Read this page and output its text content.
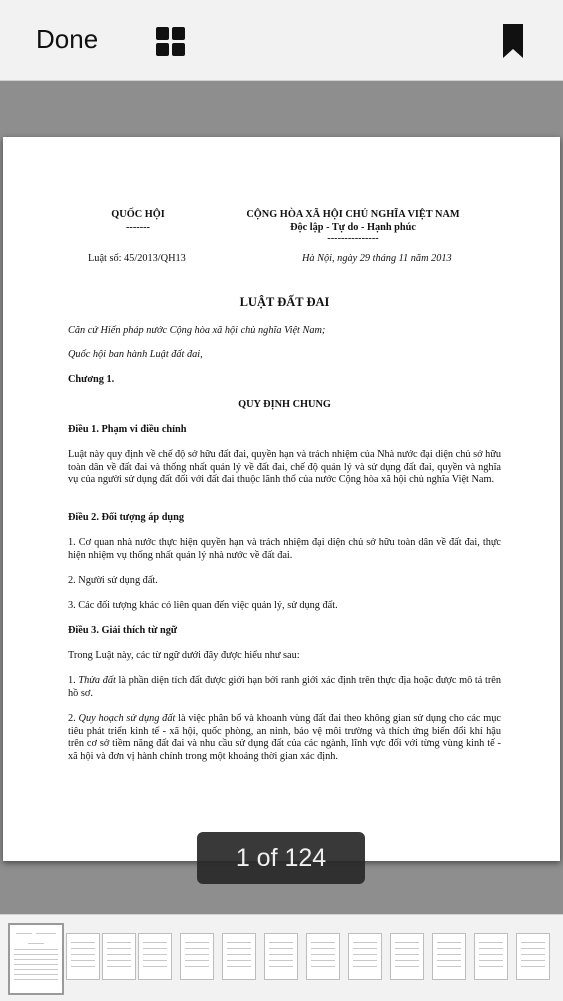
Done
QUỐC HỘI
-------
CỘNG HÒA XÃ HỘI CHỦ NGHĨA VIỆT NAM
Độc lập - Tự do - Hạnh phúc
---------------
Luật số: 45/2013/QH13	Hà Nội, ngày 29 tháng 11 năm 2013
LUẬT ĐẤT ĐAI
Căn cứ Hiến pháp nước Cộng hòa xã hội chủ nghĩa Việt Nam;
Quốc hội ban hành Luật đất đai,
Chương 1.
QUY ĐỊNH CHUNG
Điều 1. Phạm vi điều chỉnh
Luật này quy định về chế độ sở hữu đất đai, quyền hạn và trách nhiệm của Nhà nước đại diện chủ sở hữu toàn dân về đất đai và thống nhất quản lý về đất đai, chế độ quản lý và sử dụng đất đai, quyền và nghĩa vụ của người sử dụng đất đối với đất đai thuộc lãnh thổ của nước Cộng hòa xã hội chủ nghĩa Việt Nam.
Điều 2. Đối tượng áp dụng
1. Cơ quan nhà nước thực hiện quyền hạn và trách nhiệm đại diện chủ sở hữu toàn dân về đất đai, thực hiện nhiệm vụ thống nhất quản lý nhà nước về đất đai.
2. Người sử dụng đất.
3. Các đối tượng khác có liên quan đến việc quản lý, sử dụng đất.
Điều 3. Giải thích từ ngữ
Trong Luật này, các từ ngữ dưới đây được hiểu như sau:
1. Thửa đất là phần diện tích đất được giới hạn bởi ranh giới xác định trên thực địa hoặc được mô tả trên hồ sơ.
2. Quy hoạch sử dụng đất là việc phân bổ và khoanh vùng đất đai theo không gian sử dụng cho các mục tiêu phát triển kinh tế - xã hội, quốc phòng, an ninh, bảo vệ môi trường và thích ứng biến đổi khí hậu trên cơ sở tiềm năng đất đai và nhu cầu sử dụng đất của các ngành, lĩnh vực đối với từng vùng kinh tế - xã hội và đơn vị hành chính trong một khoảng thời gian xác định.
1 of 124
